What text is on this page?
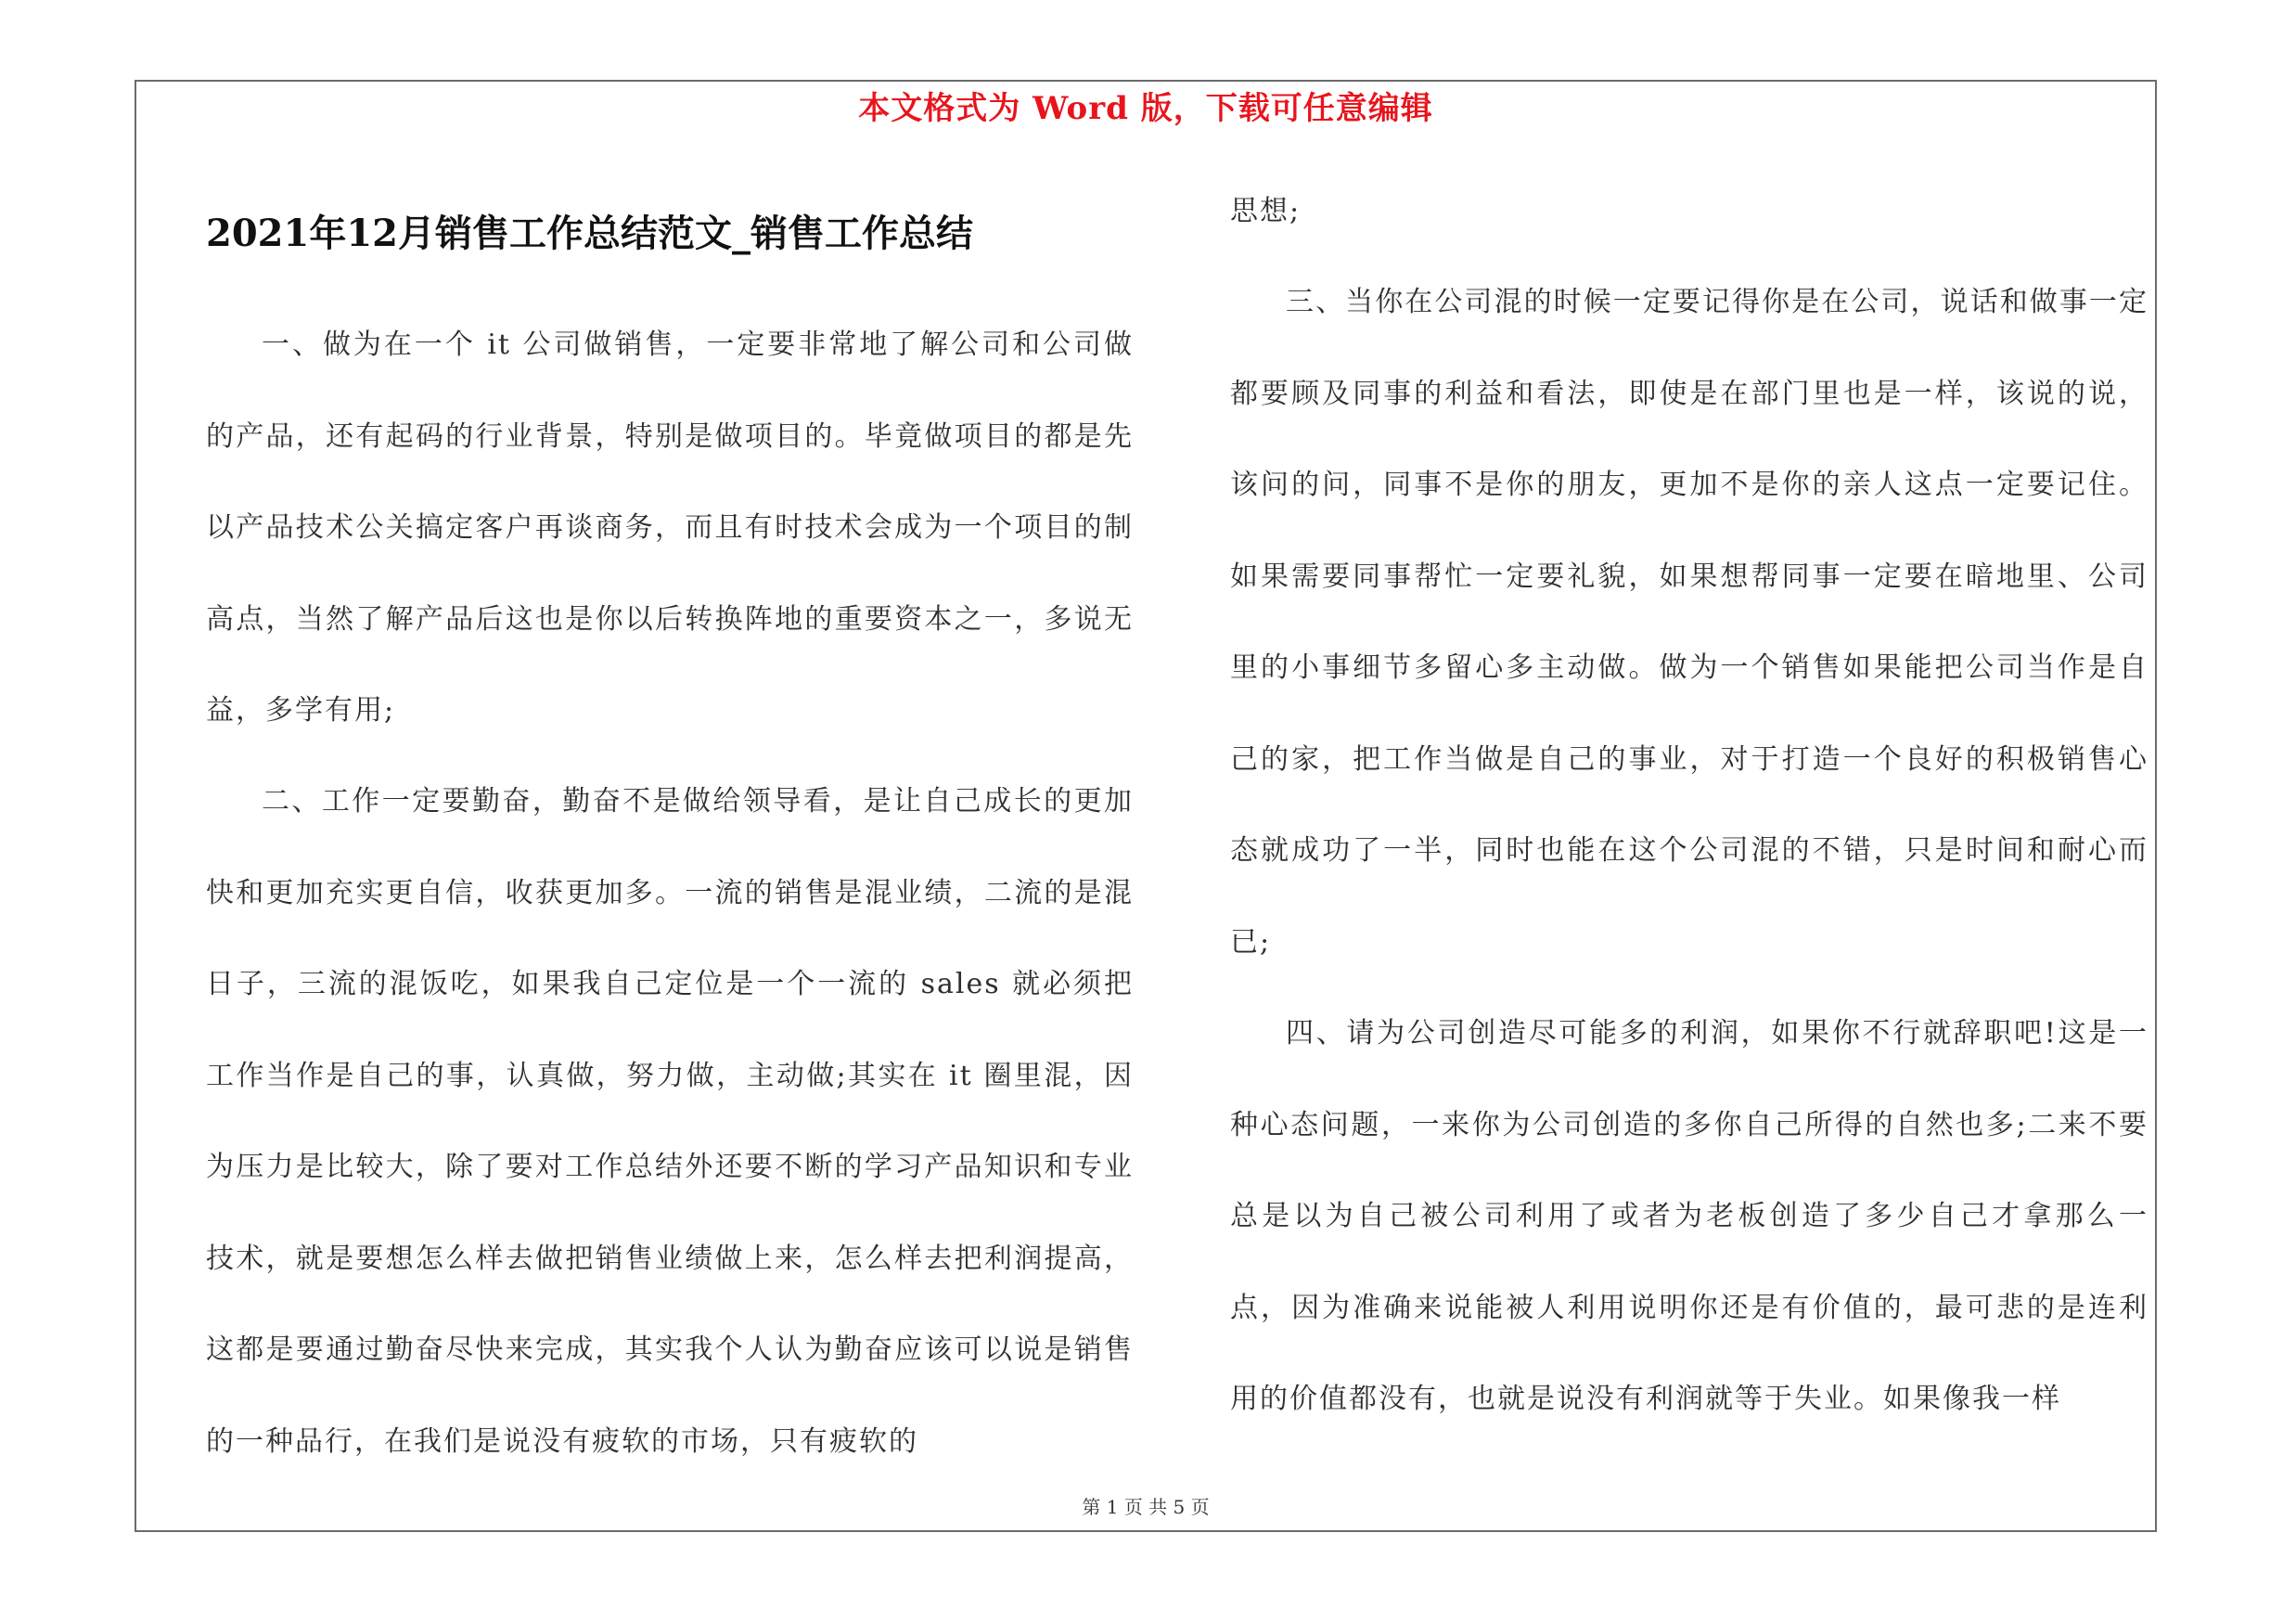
本文格式为 Word 版，下载可任意编辑
2021年12月销售工作总结范文_销售工作总结
一、做为在一个 it 公司做销售，一定要非常地了解公司和公司做的产品，还有起码的行业背景，特别是做项目的。毕竟做项目的都是先以产品技术公关搞定客户再谈商务，而且有时技术会成为一个项目的制高点，当然了解产品后这也是你以后转换阵地的重要资本之一，多说无益，多学有用;
二、工作一定要勤奋，勤奋不是做给领导看，是让自己成长的更加快和更加充实更自信，收获更加多。一流的销售是混业绩，二流的是混日子，三流的混饭吃，如果我自己定位是一个一流的 sales 就必须把工作当作是自己的事，认真做，努力做，主动做;其实在 it 圈里混，因为压力是比较大，除了要对工作总结外还要不断的学习产品知识和专业技术，就是要想怎么样去做把销售业绩做上来，怎么样去把利润提高，这都是要通过勤奋尽快来完成，其实我个人认为勤奋应该可以说是销售的一种品行，在我们是说没有疲软的市场，只有疲软的
思想;
三、当你在公司混的时候一定要记得你是在公司，说话和做事一定都要顾及同事的利益和看法，即使是在部门里也是一样，该说的说，该问的问，同事不是你的朋友，更加不是你的亲人这点一定要记住。如果需要同事帮忙一定要礼貌，如果想帮同事一定要在暗地里、公司里的小事细节多留心多主动做。做为一个销售如果能把公司当作是自己的家，把工作当做是自己的事业，对于打造一个良好的积极销售心态就成功了一半，同时也能在这个公司混的不错，只是时间和耐心而已;
四、请为公司创造尽可能多的利润，如果你不行就辞职吧!这是一种心态问题，一来你为公司创造的多你自己所得的自然也多;二来不要总是以为自己被公司利用了或者为老板创造了多少自己才拿那么一点，因为准确来说能被人利用说明你还是有价值的，最可悲的是连利用的价值都没有，也就是说没有利润就等于失业。如果像我一样
第 1 页 共 5 页
